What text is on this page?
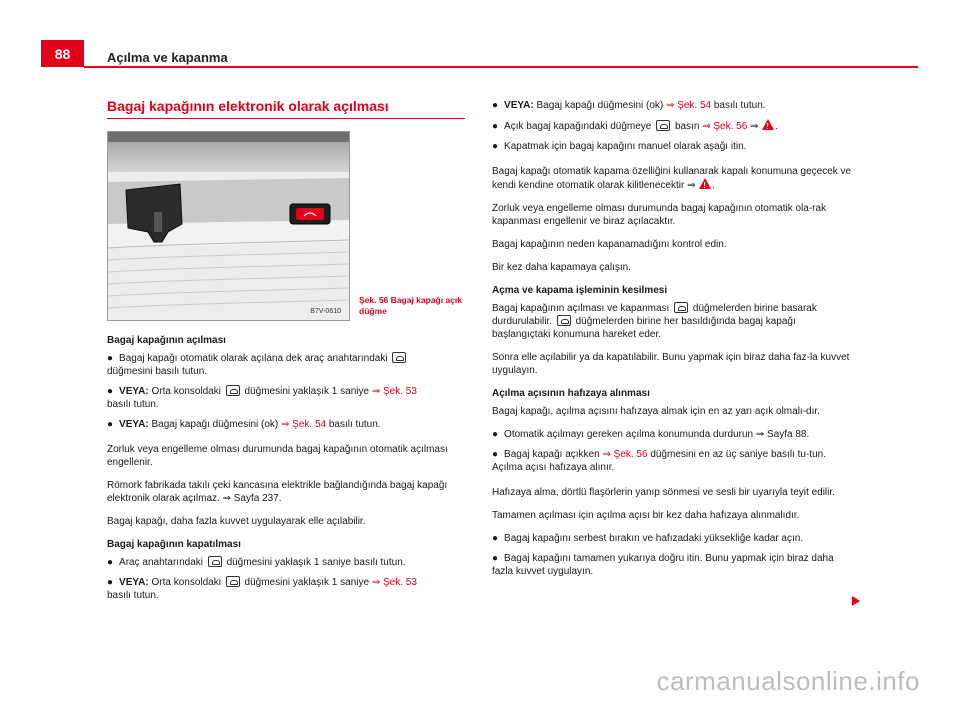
88	Açılma ve kapanma
Bagaj kapağının elektronik olarak açılması
B7V-0610
Şek. 56 Bagaj kapağı açık düğme
Bagaj kapağının açılması

● Bagaj kapağı otomatik olarak açılana dek araç anahtarındaki
düğmesini basılı tutun.

● VEYA: Orta konsoldaki düğmesini yaklaşık 1 saniye ⇒ Şek. 53
basılı tutun.

● VEYA: Bagaj kapağı düğmesini (ok) ⇒ Şek. 54 basılı tutun.

Zorluk veya engelleme olması durumunda bagaj kapağının otomatik açılması engellenir.

Römork fabrikada takılı çeki kancasına elektrikle bağlandığında bagaj kapağı elektronik olarak açılmaz. ⇒ Sayfa 237.

Bagaj kapağı, daha fazla kuvvet uygulayarak elle açılabilir.

Bagaj kapağının kapatılması

● Araç anahtarındaki düğmesini yaklaşık 1 saniye basılı tutun.

● VEYA: Orta konsoldaki düğmesini yaklaşık 1 saniye ⇒ Şek. 53
basılı tutun.

● VEYA: Bagaj kapağı düğmesini (ok) ⇒ Şek. 54 basılı tutun.

● Açık bagaj kapağındaki düğmeye basın ⇒ Şek. 56 ⇒ ! .

● Kapatmak için bagaj kapağını manuel olarak aşağı itin.

Bagaj kapağı otomatik kapama özelliğini kullanarak kapalı konumuna geçecek ve kendi kendine otomatik olarak kilitlenecektir ⇒ ! .

Zorluk veya engelleme olması durumunda bagaj kapağının otomatik ola-rak kapanması engellenir ve biraz açılacaktır.

Bagaj kapağının neden kapanamadığını kontrol edin.

Bir kez daha kapamaya çalışın.

Açma ve kapama işleminin kesilmesi

Bagaj kapağının açılması ve kapanması düğmelerden birine basarak durdurulabilir. düğmelerden birine her basıldığında bagaj kapağı başlangıçtaki konumuna hareket eder.

Sonra elle açılabilir ya da kapatılabilir. Bunu yapmak için biraz daha faz-la kuvvet uygulayın.

Açılma açısının hafızaya alınması

Bagaj kapağı, açılma açısını hafızaya almak için en az yarı açık olmalı-dır.

● Otomatik açılmayı gereken açılma konumunda durdurun ⇒ Sayfa 88.

● Bagaj kapağı açıkken ⇒ Şek. 56 düğmesini en az üç saniye basılı tu-tun. Açılma açısı hafızaya alınır.

Hafızaya alma, dörtlü flaşörlerin yanıp sönmesi ve sesli bir uyarıyla teyit edilir.

Tamamen açılması için açılma açısı bir kez daha hafızaya alınmalıdır.

● Bagaj kapağını serbest bırakın ve hafızadaki yüksekliğe kadar açın.

● Bagaj kapağını tamamen yukarıya doğru itin. Bunu yapmak için biraz daha fazla kuvvet uygulayın.

carmanualsonline.info
